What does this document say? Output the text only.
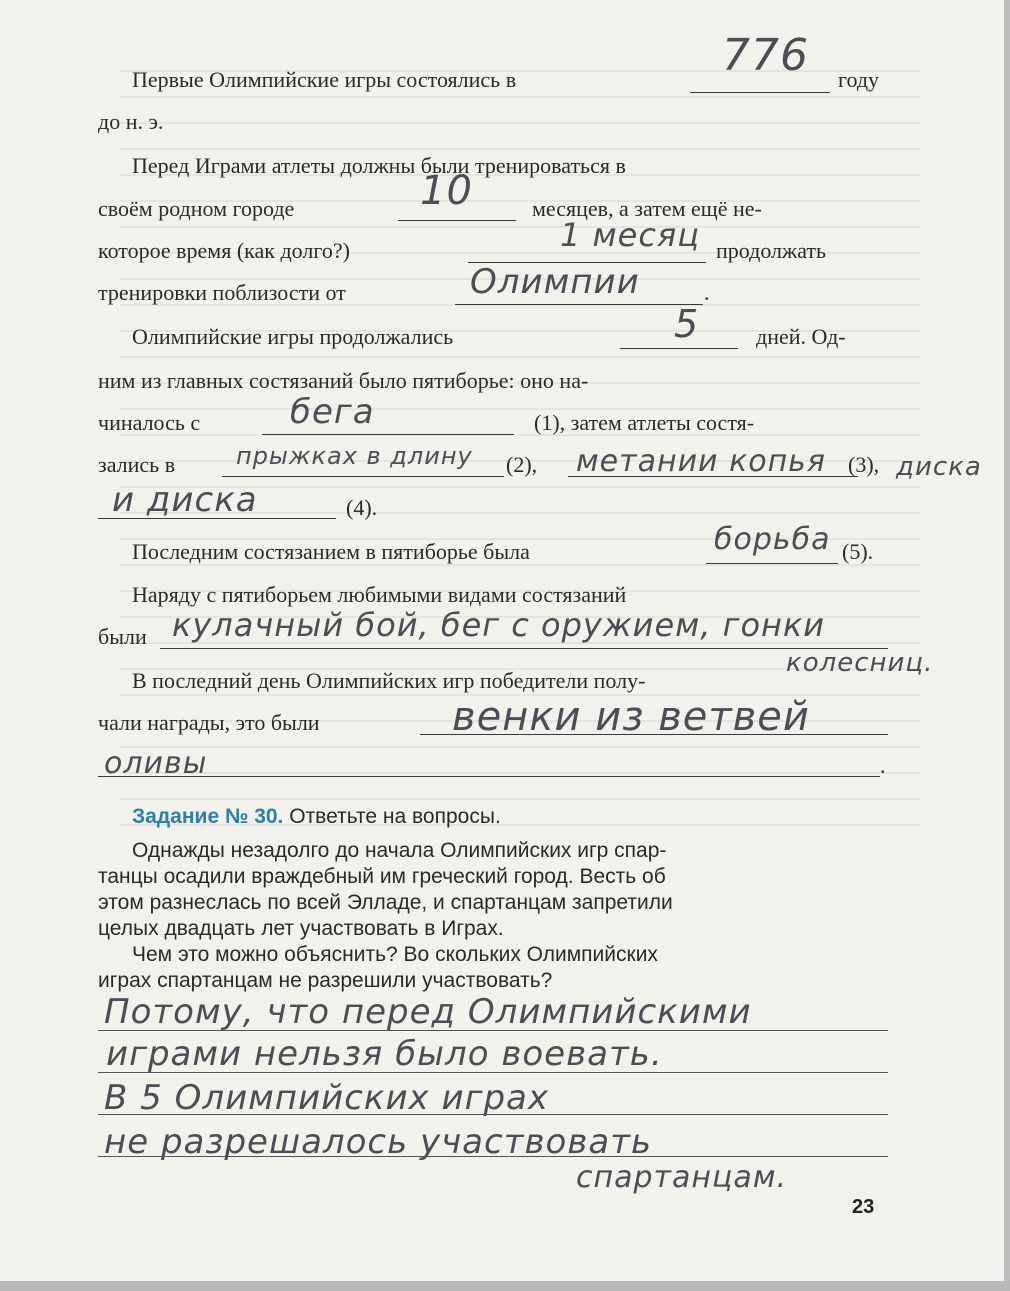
Первые Олимпийские игры состоялись в	году
776
до н. э.
Перед Играми атлеты должны были тренироваться в
своём родном городе	месяцев, а затем ещё не-
10
которое время (как долго?)	продолжать
1 месяц
тренировки поблизости от	.
Олимпии
Олимпийские игры продолжались	дней. Од-
5
ним из главных состязаний было пятиборье: оно на-
чиналось с	(1), затем атлеты состя-
бега
зались в	(2),	(3),
прыжках в длину	метании копья	диска
(4).
и диска
Последним состязанием в пятиборье была	(5).
борьба
Наряду с пятиборьем любимыми видами состязаний
были кулачный бой, бег с оружием, гонки
колесниц.
В последний день Олимпийских игр победители полу-
чали награды, это были	венки из ветвей
.
оливы
Задание № 30. Ответьте на вопросы.
Однажды незадолго до начала Олимпийских игр спар-
танцы осадили враждебный им греческий город. Весть об
этом разнеслась по всей Элладе, и спартанцам запретили
целых двадцать лет участвовать в Играх.
Чем это можно объяснить? Во скольких Олимпийских
играх спартанцам не разрешили участвовать?
Потому, что перед Олимпийскими
играми нельзя было воевать.
В 5 Олимпийских играх
не разрешалось участвовать
спартанцам.
23
